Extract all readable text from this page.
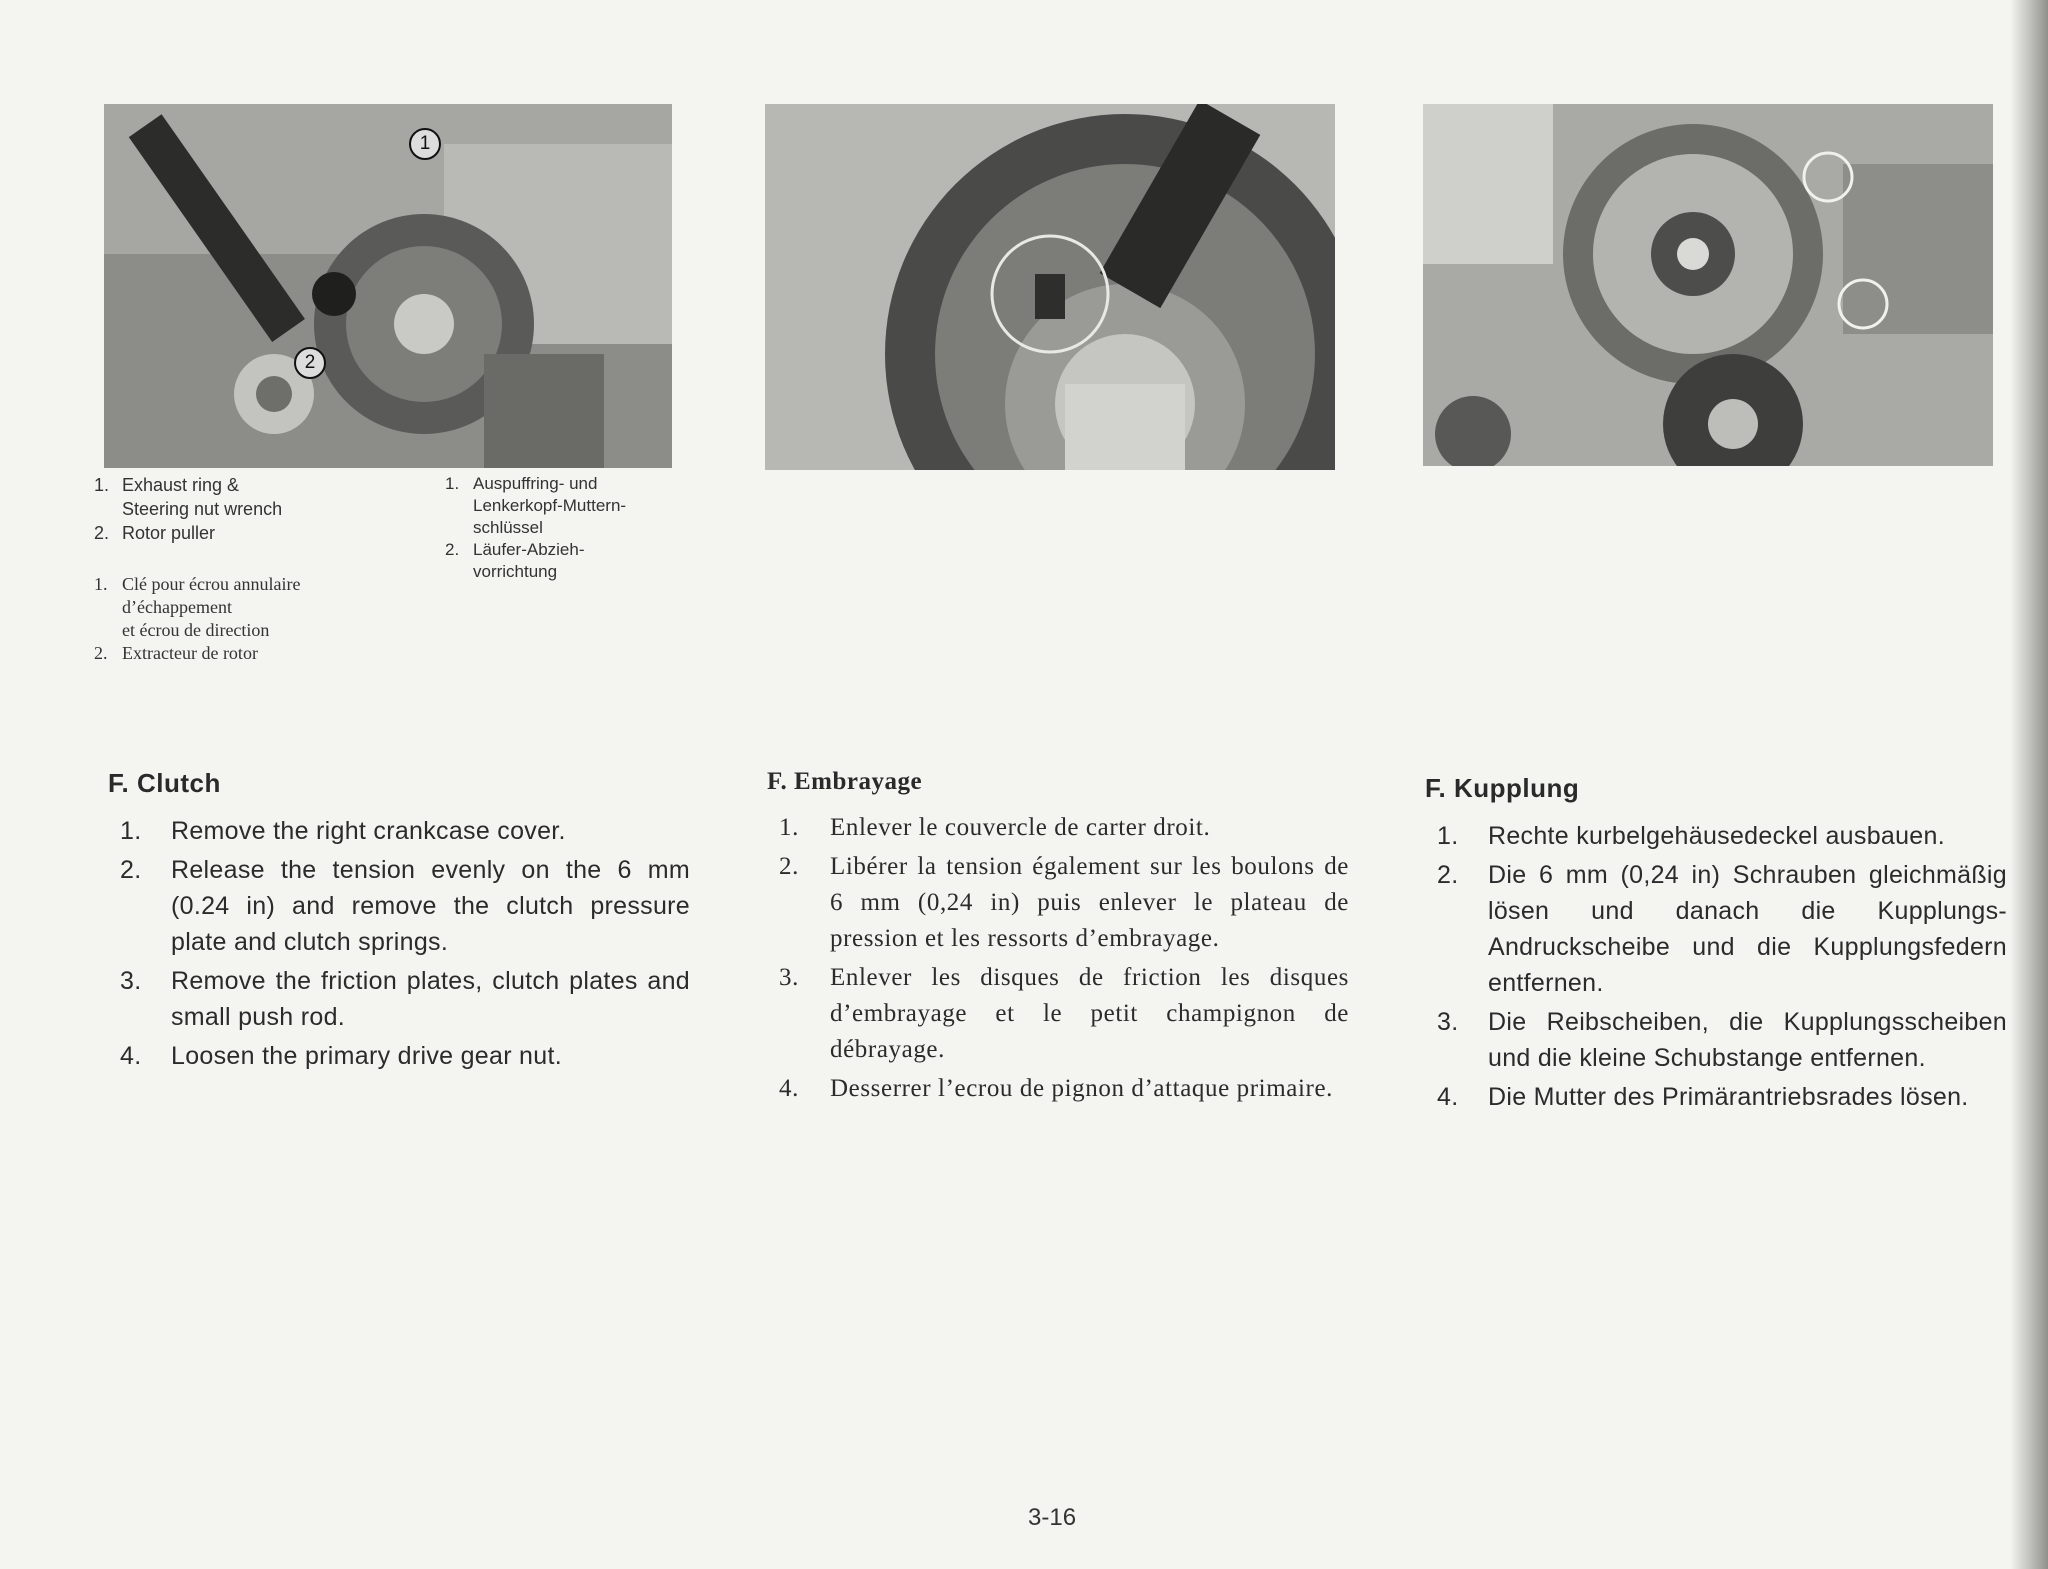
1
2
1. Exhaust ring &
Steering nut wrench
2. Rotor puller
1. Auspuffring- und
Lenkerkopf-Muttern-
schlüssel
2. Läufer-Abzieh-
vorrichtung
1. Clé pour écrou annulaire
d’échappement
et écrou de direction
2. Extracteur de rotor
F. Clutch
1.	Remove the right crankcase cover.
2.	Release the tension evenly on the 6 mm (0.24 in) and remove the clutch pressure plate and clutch springs.
3.	Remove the friction plates, clutch plates and small push rod.
4.	Loosen the primary drive gear nut.
F. Embrayage
1.	Enlever le couvercle de carter droit.
2.	Libérer la tension également sur les boulons de 6 mm (0,24 in) puis enlever le plateau de pression et les ressorts d’embrayage.
3.	Enlever les disques de friction les disques d’embrayage et le petit champignon de débrayage.
4.	Desserrer l’ecrou de pignon d’attaque primaire.
F. Kupplung
1.	Rechte kurbelgehäusedeckel ausbauen.
2.	Die 6 mm (0,24 in) Schrauben gleichmäßig lösen und danach die Kupplungs-Andruckscheibe und die Kupplungsfedern entfernen.
3.	Die Reibscheiben, die Kupplungsscheiben und die kleine Schubstange entfernen.
4.	Die Mutter des Primärantriebsrades lösen.
3-16
